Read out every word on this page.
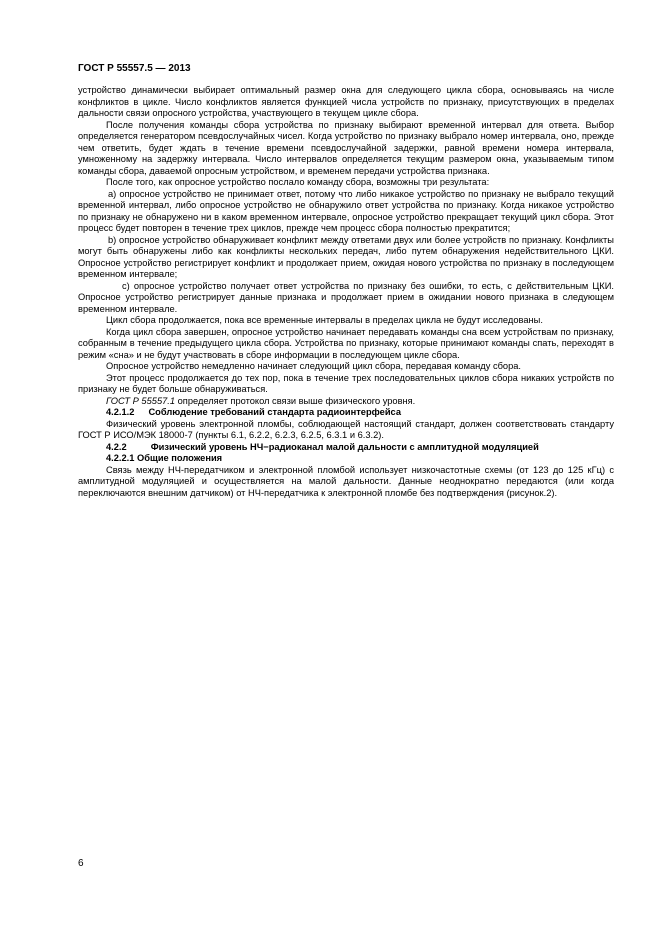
ГОСТ Р 55557.5 — 2013

устройство динамически выбирает оптимальный размер окна для следующего цикла сбора, основываясь на числе конфликтов в цикле. Число конфликтов является функцией числа устройств по признаку, присутствующих в пределах дальности связи опросного устройства, участвующего в текущем цикле сбора.

После получения команды сбора устройства по признаку выбирают временной интервал для ответа. Выбор определяется генератором псевдослучайных чисел. Когда устройство по признаку выбрало номер интервала, оно, прежде чем ответить, будет ждать в течение времени псевдослучайной задержки, равной времени номера интервала, умноженному на задержку интервала. Число интервалов определяется текущим размером окна, указываемым типом команды сбора, даваемой опросным устройством, и временем передачи устройства признака.

После того, как опросное устройство послало команду сбора, возможны три результата:

а) опросное устройство не принимает ответ, потому что либо никакое устройство по признаку не выбрало текущий временной интервал, либо опросное устройство не обнаружило ответ устройства по признаку. Когда никакое устройство по признаку не обнаружено ни в каком временном интервале, опросное устройство прекращает текущий цикл сбора. Этот процесс будет повторен в течение трех циклов, прежде чем процесс сбора полностью прекратится;

b) опросное устройство обнаруживает конфликт между ответами двух или более устройств по признаку. Конфликты могут быть обнаружены либо как конфликты нескольких передач, либо путем обнаружения недействительного ЦКИ. Опросное устройство регистрирует конфликт и продолжает прием, ожидая нового устройства по признаку в последующем временном интервале;

с) опросное устройство получает ответ устройства по признаку без ошибки, то есть, с действительным ЦКИ. Опросное устройство регистрирует данные признака и продолжает прием в ожидании нового признака в следующем временном интервале.

Цикл сбора продолжается, пока все временные интервалы в пределах цикла не будут исследованы.

Когда цикл сбора завершен, опросное устройство начинает передавать команды сна всем устройствам по признаку, собранным в течение предыдущего цикла сбора. Устройства по признаку, которые принимают команды спать, переходят в режим «сна» и не будут участвовать в сборе информации в последующем цикле сбора.

Опросное устройство немедленно начинает следующий цикл сбора, передавая команду сбора.

Этот процесс продолжается до тех пор, пока в течение трех последовательных циклов сбора никаких устройств по признаку не будет больше обнаруживаться.

ГОСТ Р 55557.1 определяет протокол связи выше физического уровня.

4.2.1.2 Соблюдение требований стандарта радиоинтерфейса

Физический уровень электронной пломбы, соблюдающей настоящий стандарт, должен соответствовать стандарту ГОСТ Р ИСО/МЭК 18000-7 (пункты 6.1, 6.2.2, 6.2.3, 6.2.5, 6.3.1 и 6.3.2).

4.2.2	Физический уровень НЧ−радиоканал малой дальности с амплитудной модуляцией

4.2.2.1 Общие положения

Связь между НЧ-передатчиком и электронной пломбой использует низкочастотные схемы (от 123 до 125 кГц) с амплитудной модуляцией и осуществляется на малой дальности. Данные неоднократно передаются (или когда переключаются внешним датчиком) от НЧ-передатчика к электронной пломбе без подтверждения (рисунок.2).

6
